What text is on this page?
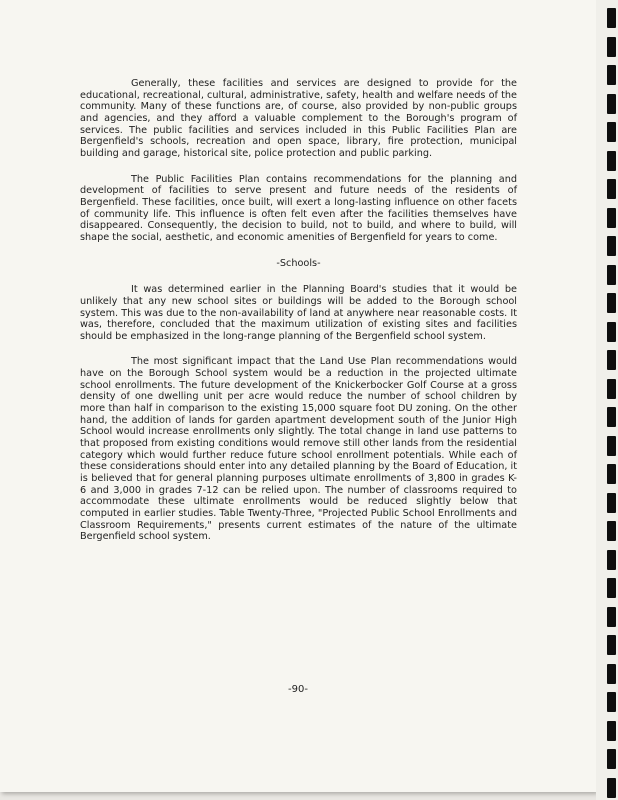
Generally, these facilities and services are designed to provide for the educational, recreational, cultural, administrative, safety, health and welfare needs of the community. Many of these functions are, of course, also provided by non-public groups and agencies, and they afford a valuable complement to the Borough's program of services. The public facilities and services included in this Public Facilities Plan are Bergenfield's schools, recreation and open space, library, fire protection, municipal building and garage, historical site, police protection and public parking.

The Public Facilities Plan contains recommendations for the planning and development of facilities to serve present and future needs of the residents of Bergenfield. These facilities, once built, will exert a long-lasting influence on other facets of community life. This influence is often felt even after the facilities themselves have disappeared. Consequently, the decision to build, not to build, and where to build, will shape the social, aesthetic, and economic amenities of Bergenfield for years to come.

-Schools-

It was determined earlier in the Planning Board's studies that it would be unlikely that any new school sites or buildings will be added to the Borough school system. This was due to the non-availability of land at anywhere near reasonable costs. It was, therefore, concluded that the maximum utilization of existing sites and facilities should be emphasized in the long-range planning of the Bergenfield school system.

The most significant impact that the Land Use Plan recommendations would have on the Borough School system would be a reduction in the projected ultimate school enrollments. The future development of the Knickerbocker Golf Course at a gross density of one dwelling unit per acre would reduce the number of school children by more than half in comparison to the existing 15,000 square foot DU zoning. On the other hand, the addition of lands for garden apartment development south of the Junior High School would increase enrollments only slightly. The total change in land use patterns to that proposed from existing conditions would remove still other lands from the residential category which would further reduce future school enrollment potentials. While each of these considerations should enter into any detailed planning by the Board of Education, it is believed that for general planning purposes ultimate enrollments of 3,800 in grades K-6 and 3,000 in grades 7-12 can be relied upon. The number of classrooms required to accommodate these ultimate enrollments would be reduced slightly below that computed in earlier studies. Table Twenty-Three, "Projected Public School Enrollments and Classroom Requirements," presents current estimates of the nature of the ultimate Bergenfield school system.

-90-
